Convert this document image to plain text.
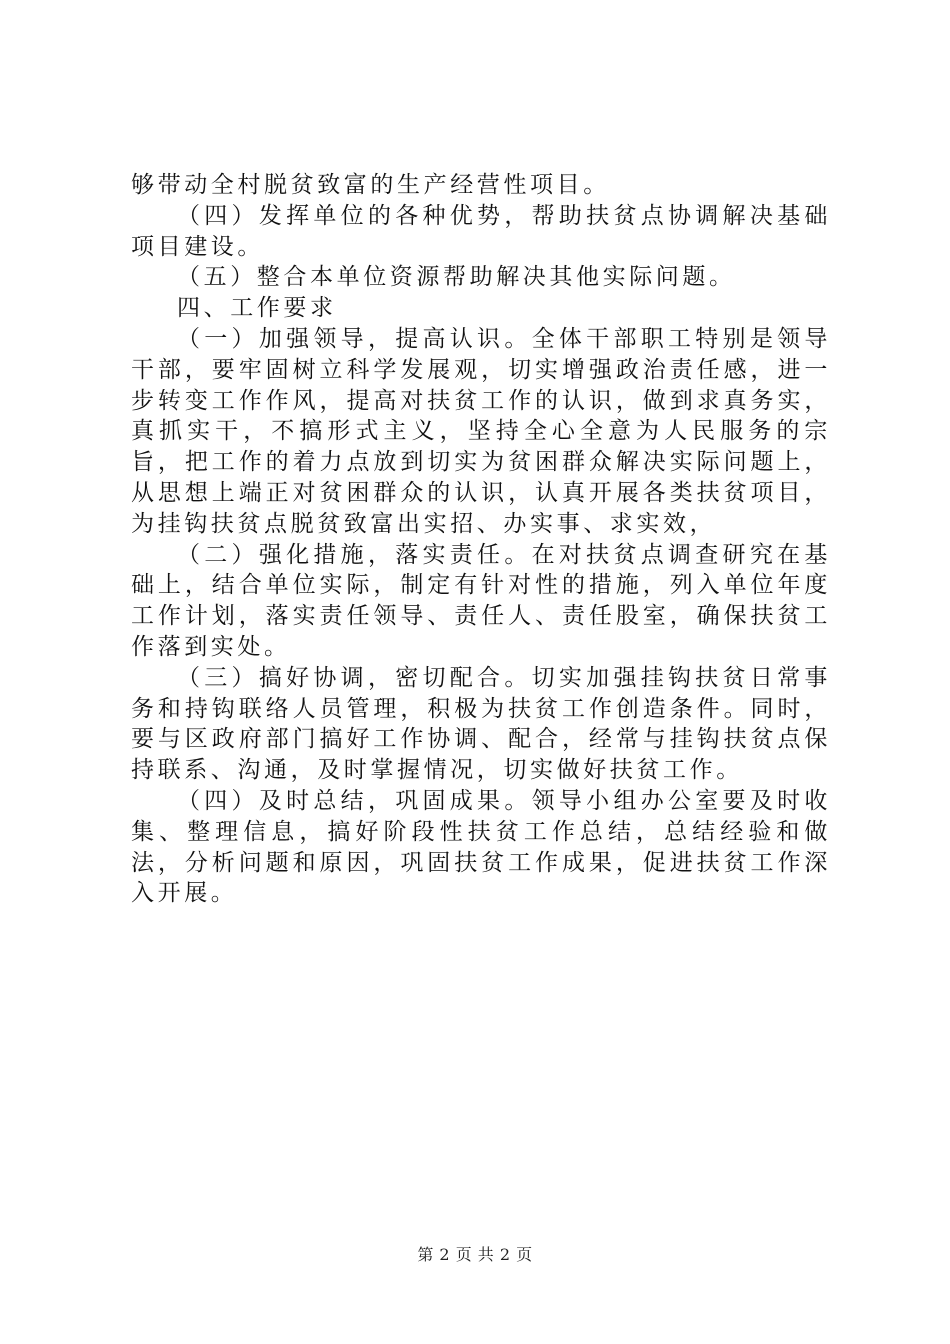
够带动全村脱贫致富的生产经营性项目。

（四）发挥单位的各种优势，帮助扶贫点协调解决基础项目建设。

（五）整合本单位资源帮助解决其他实际问题。

四、工作要求

（一）加强领导，提高认识。全体干部职工特别是领导干部，要牢固树立科学发展观，切实增强政治责任感，进一步转变工作作风，提高对扶贫工作的认识，做到求真务实，真抓实干，不搞形式主义，坚持全心全意为人民服务的宗旨，把工作的着力点放到切实为贫困群众解决实际问题上，从思想上端正对贫困群众的认识，认真开展各类扶贫项目，为挂钩扶贫点脱贫致富出实招、办实事、求实效，

（二）强化措施，落实责任。在对扶贫点调查研究在基础上，结合单位实际，制定有针对性的措施，列入单位年度工作计划，落实责任领导、责任人、责任股室，确保扶贫工作落到实处。

（三）搞好协调，密切配合。切实加强挂钩扶贫日常事务和持钩联络人员管理，积极为扶贫工作创造条件。同时，要与区政府部门搞好工作协调、配合，经常与挂钩扶贫点保持联系、沟通，及时掌握情况，切实做好扶贫工作。

（四）及时总结，巩固成果。领导小组办公室要及时收集、整理信息，搞好阶段性扶贫工作总结，总结经验和做法，分析问题和原因，巩固扶贫工作成果，促进扶贫工作深入开展。

第 2 页 共 2 页
